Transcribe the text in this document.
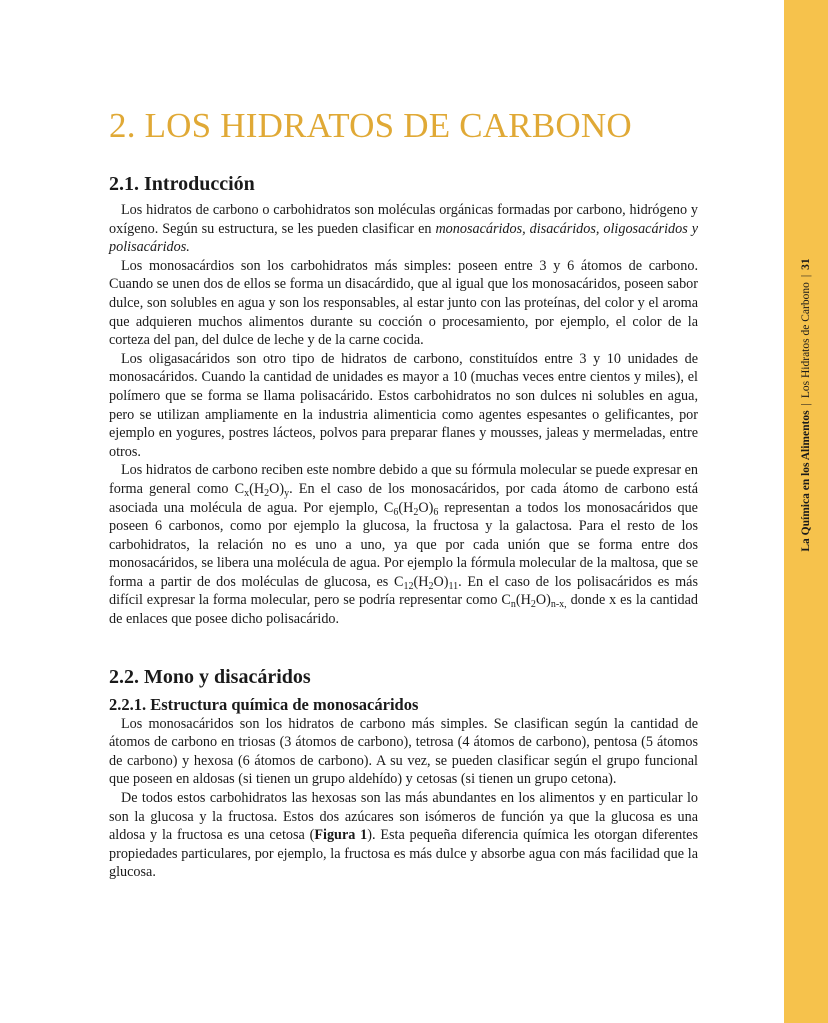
La Química en los Alimentos|Los Hidratos de Carbono|31
2. LOS HIDRATOS DE CARBONO
2.1. Introducción

Los hidratos de carbono o carbohidratos son moléculas orgánicas formadas por carbono, hidrógeno y oxígeno. Según su estructura, se les pueden clasificar en monosacáridos, disacáridos, oligosacáridos y polisacáridos.

Los monosacárdios son los carbohidratos más simples: poseen entre 3 y 6 átomos de carbono. Cuando se unen dos de ellos se forma un disacárdido, que al igual que los monosacáridos, poseen sabor dulce, son solubles en agua y son los responsables, al estar junto con las proteínas, del color y el aroma que adquieren muchos alimentos durante su cocción o procesamiento, por ejemplo, el color de la corteza del pan, del dulce de leche y de la carne cocida.

Los oligasacáridos son otro tipo de hidratos de carbono, constituídos entre 3 y 10 unidades de monosacáridos. Cuando la cantidad de unidades es mayor a 10 (muchas veces entre cientos y miles), el polímero que se forma se llama polisacárido. Estos carbohidratos no son dulces ni solubles en agua, pero se utilizan ampliamente en la industria alimenticia como agentes espesantes o gelificantes, por ejemplo en yogures, postres lácteos, polvos para preparar flanes y mousses, jaleas y mermeladas, entre otros.

Los hidratos de carbono reciben este nombre debido a que su fórmula molecular se puede expresar en forma general como $C_x(H_2O)_y$. En el caso de los monosacáridos, por cada átomo de carbono está asociada una molécula de agua. Por ejemplo, $C_6(H_2O)_6$ representan a todos los monosacáridos que poseen 6 carbonos, como por ejemplo la glucosa, la fructosa y la galactosa. Para el resto de los carbohidratos, la relación no es uno a uno, ya que por cada unión que se forma entre dos monosacáridos, se libera una molécula de agua. Por ejemplo la fórmula molecular de la maltosa, que se forma a partir de dos moléculas de glucosa, es $C_{12}(H_2O)_{11}$. En el caso de los polisacáridos es más difícil expresar la forma molecular, pero se podría representar como $C_n(H_2O)_{n-x,}$ donde x es la cantidad de enlaces que posee dicho polisacárido.

2.2. Mono y disacáridos
2.2.1. Estructura química de monosacáridos

Los monosacáridos son los hidratos de carbono más simples. Se clasifican según la cantidad de átomos de carbono en triosas (3 átomos de carbono), tetrosa (4 átomos de carbono), pentosa (5 átomos de carbono) y hexosa (6 átomos de carbono). A su vez, se pueden clasificar según el grupo funcional que poseen en aldosas (si tienen un grupo aldehído) y cetosas (si tienen un grupo cetona).

De todos estos carbohidratos las hexosas son las más abundantes en los alimentos y en particular lo son la glucosa y la fructosa. Estos dos azúcares son isómeros de función ya que la glucosa es una aldosa y la fructosa es una cetosa (Figura 1). Esta pequeña diferencia química les otorgan diferentes propiedades particulares, por ejemplo, la fructosa es más dulce y absorbe agua con más facilidad que la glucosa.
